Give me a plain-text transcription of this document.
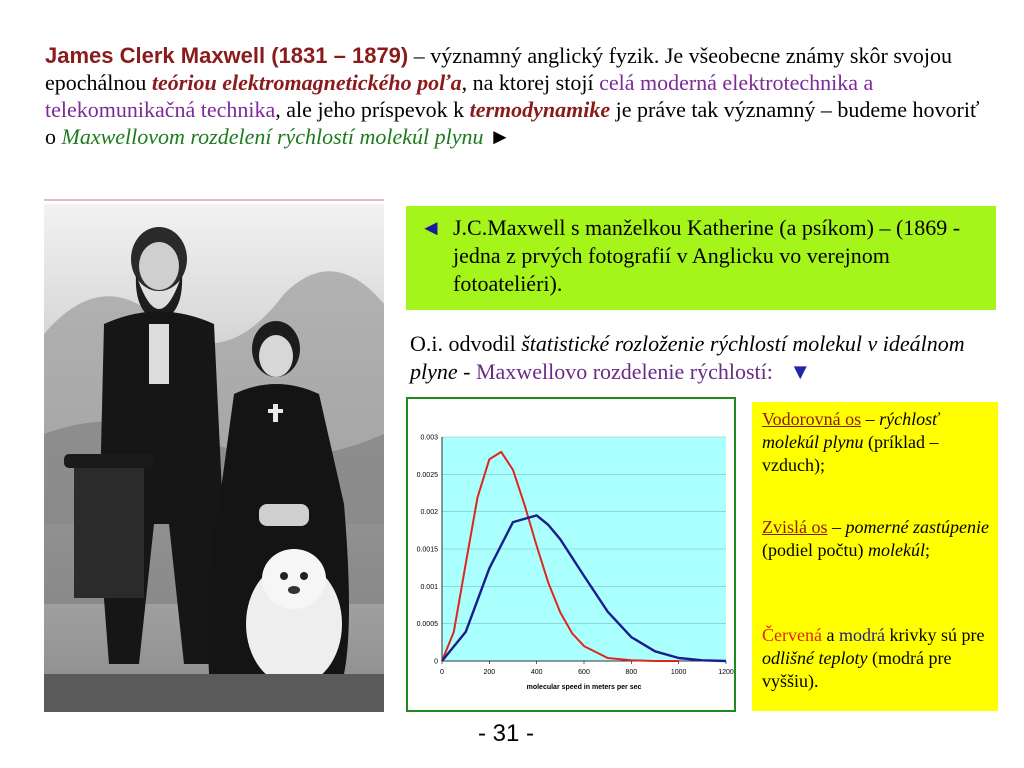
James Clerk Maxwell (1831 – 1879) – významný anglický fyzik. Je všeobecne známy skôr svojou epochálnou teóriou elektromagnetického poľa, na ktorej stojí celá moderná elektrotechnika a telekomunikačná technika, ale jeho príspevok k termodynamike je práve tak významný – budeme hovoriť o Maxwellovom rozdelení rýchlostí molekúl plynu ►
◄ J.C.Maxwell s manželkou Katherine (a psíkom) – (1869 - jedna z prvých fotografií v Anglicku vo verejnom fotoateliéri).
O.i. odvodil štatistické rozloženie rýchlostí molekul v ideálnom plyne - Maxwellovo rozdelenie rýchlostí: ▼
0
0.0005
0.001
0.0015
0.002
0.0025
0.003
0	200	400	600	800	1000	1200
molecular speed in meters per sec
Vodorovná os – rýchlosť molekúl plynu (príklad – vzduch);
Zvislá os – pomerné zastúpenie (podiel počtu) molekúl;
Červená a modrá krivky sú pre odlišné teploty (modrá pre vyššiu).
- 31 -
